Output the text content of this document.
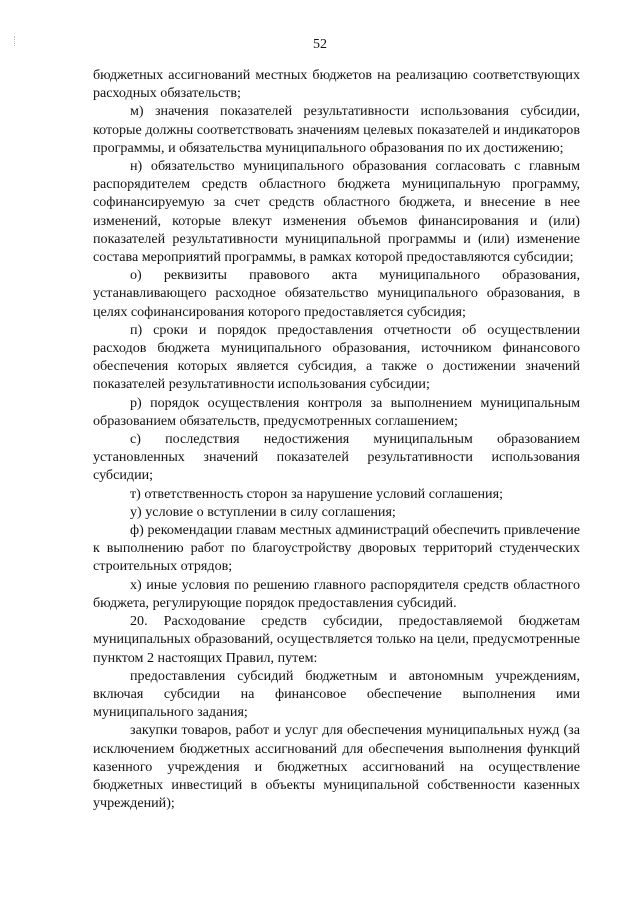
52

бюджетных ассигнований местных бюджетов на реализацию соответствующих расходных обязательств;

м) значения показателей результативности использования субсидии, которые должны соответствовать значениям целевых показателей и индикаторов программы, и обязательства муниципального образования по их достижению;

н) обязательство муниципального образования согласовать с главным распорядителем средств областного бюджета муниципальную программу, софинансируемую за счет средств областного бюджета, и внесение в нее изменений, которые влекут изменения объемов финансирования и (или) показателей результативности муниципальной программы и (или) изменение состава мероприятий программы, в рамках которой предоставляются субсидии;

о) реквизиты правового акта муниципального образования, устанавливающего расходное обязательство муниципального образования, в целях софинансирования которого предоставляется субсидия;

п) сроки и порядок предоставления отчетности об осуществлении расходов бюджета муниципального образования, источником финансового обеспечения которых является субсидия, а также о достижении значений показателей результативности использования субсидии;

р) порядок осуществления контроля за выполнением муниципальным образованием обязательств, предусмотренных соглашением;

с) последствия недостижения муниципальным образованием установленных значений показателей результативности использования субсидии;

т) ответственность сторон за нарушение условий соглашения;

у) условие о вступлении в силу соглашения;

ф) рекомендации главам местных администраций обеспечить привлечение к выполнению работ по благоустройству дворовых территорий студенческих строительных отрядов;

х) иные условия по решению главного распорядителя средств областного бюджета, регулирующие порядок предоставления субсидий.

20. Расходование средств субсидии, предоставляемой бюджетам муниципальных образований, осуществляется только на цели, предусмотренные пунктом 2 настоящих Правил, путем:

предоставления субсидий бюджетным и автономным учреждениям, включая субсидии на финансовое обеспечение выполнения ими муниципального задания;

закупки товаров, работ и услуг для обеспечения муниципальных нужд (за исключением бюджетных ассигнований для обеспечения выполнения функций казенного учреждения и бюджетных ассигнований на осуществление бюджетных инвестиций в объекты муниципальной собственности казенных учреждений);
